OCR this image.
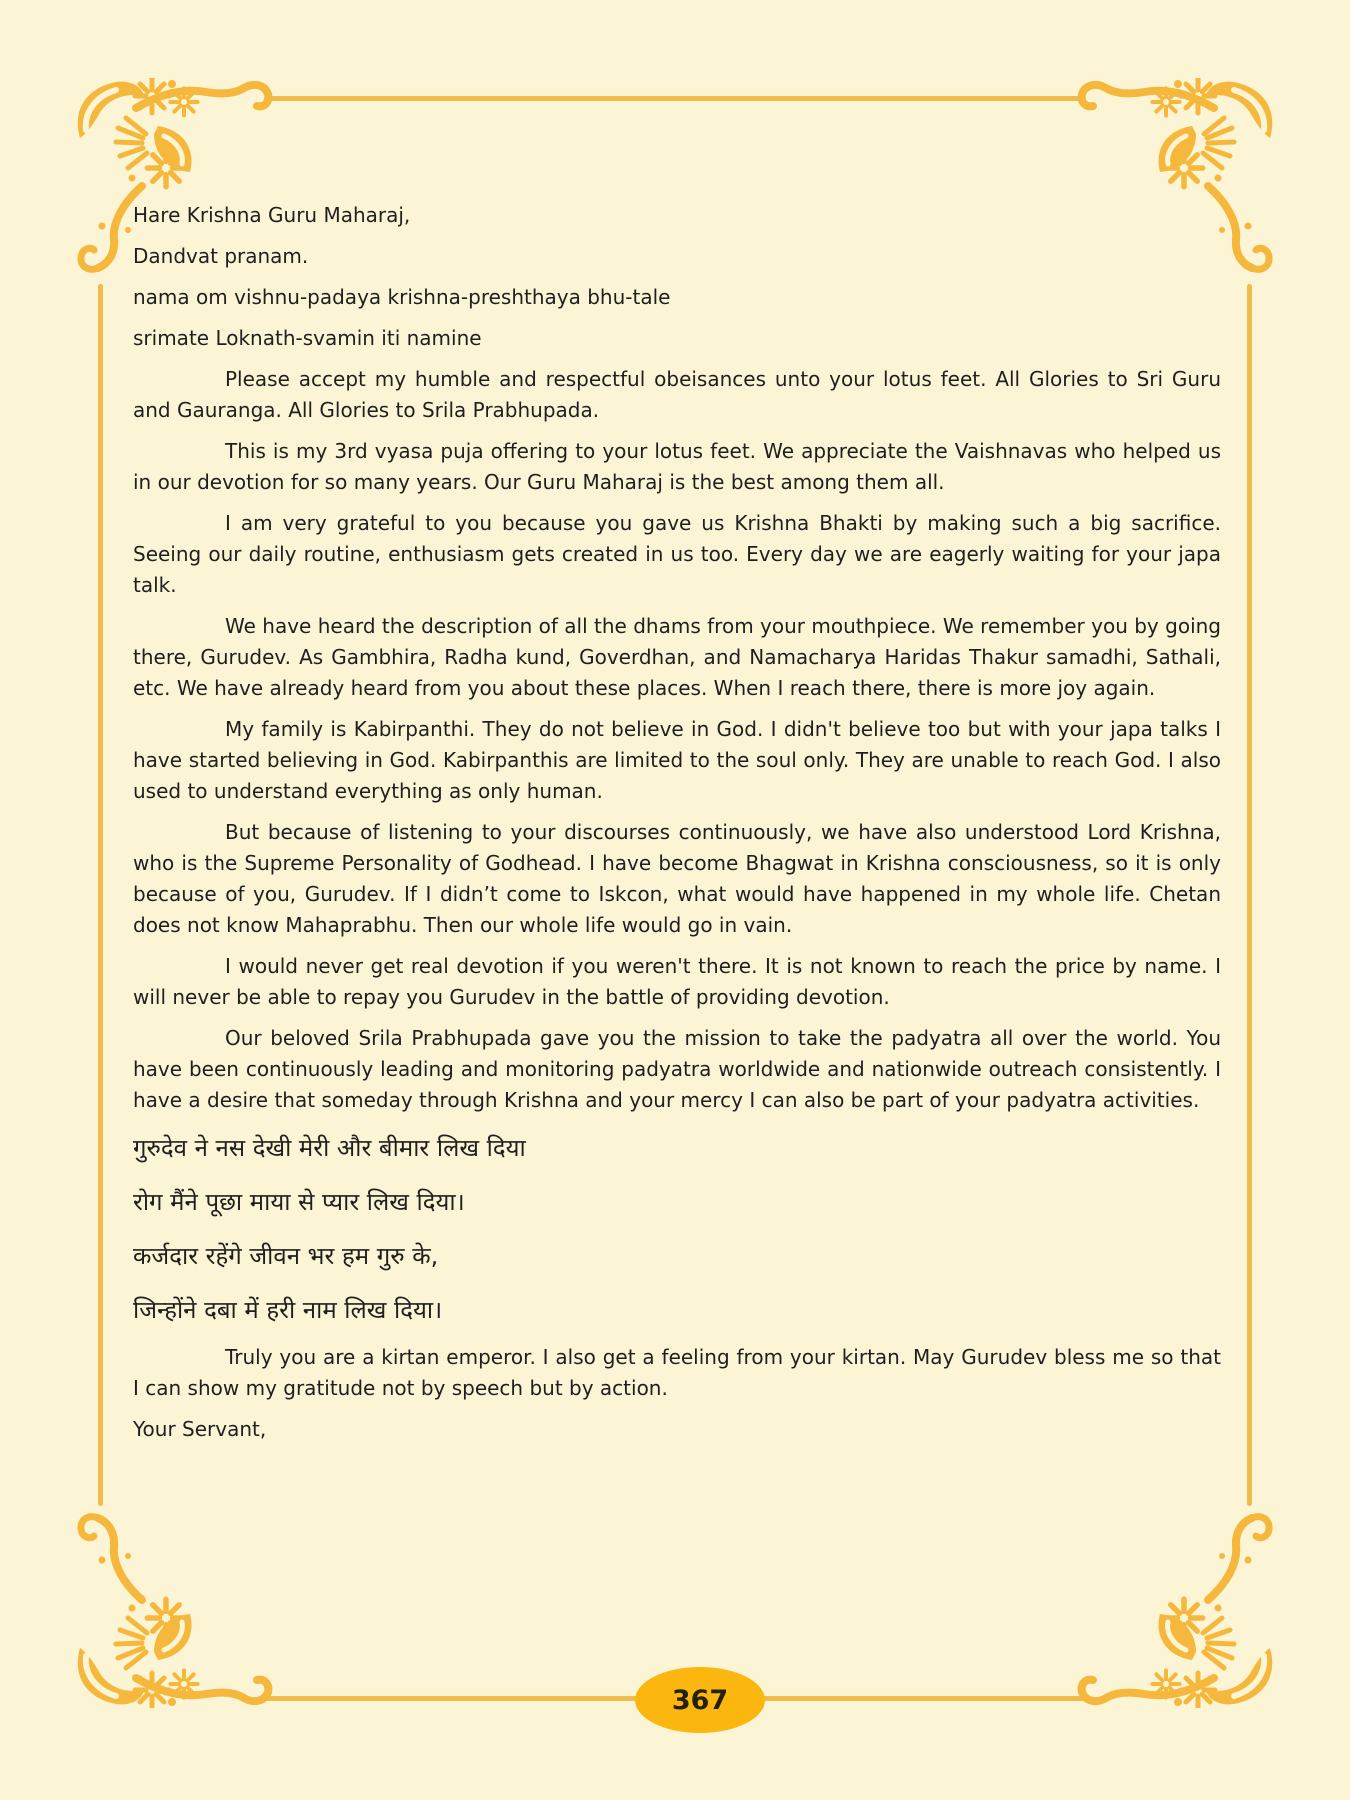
Hare Krishna Guru Maharaj,

Dandvat pranam.

nama om vishnu-padaya krishna-preshthaya bhu-tale

srimate Loknath-svamin iti namine

Please accept my humble and respectful obeisances unto your lotus feet. All Glories to Sri Guru and Gauranga. All Glories to Srila Prabhupada.

This is my 3rd vyasa puja offering to your lotus feet. We appreciate the Vaishnavas who helped us in our devotion for so many years. Our Guru Maharaj is the best among them all.

I am very grateful to you because you gave us Krishna Bhakti by making such a big sacrifice. Seeing our daily routine, enthusiasm gets created in us too. Every day we are eagerly waiting for your japa talk.

We have heard the description of all the dhams from your mouthpiece. We remember you by going there, Gurudev. As Gambhira, Radha kund, Goverdhan, and Namacharya Haridas Thakur samadhi, Sathali, etc. We have already heard from you about these places. When I reach there, there is more joy again.

My family is Kabirpanthi. They do not believe in God. I didn't believe too but with your japa talks I have started believing in God. Kabirpanthis are limited to the soul only. They are unable to reach God. I also used to understand everything as only human.

But because of listening to your discourses continuously, we have also understood Lord Krishna, who is the Supreme Personality of Godhead. I have become Bhagwat in Krishna consciousness, so it is only because of you, Gurudev. If I didn’t come to Iskcon, what would have happened in my whole life. Chetan does not know Mahaprabhu. Then our whole life would go in vain.

I would never get real devotion if you weren't there. It is not known to reach the price by name. I will never be able to repay you Gurudev in the battle of providing devotion.

Our beloved Srila Prabhupada gave you the mission to take the padyatra all over the world. You have been continuously leading and monitoring padyatra worldwide and nationwide outreach consistently. I have a desire that someday through Krishna and your mercy I can also be part of your padyatra activities.

गुरुदेव ने नस देखी मेरी और बीमार लिख दिया

रोग मैंने पूछा माया से प्यार लिख दिया।

कर्जदार रहेंगे जीवन भर हम गुरु के,

जिन्होंने दबा में हरी नाम लिख दिया।

Truly you are a kirtan emperor. I also get a feeling from your kirtan. May Gurudev bless me so that I can show my gratitude not by speech but by action.

Your Servant,

367
